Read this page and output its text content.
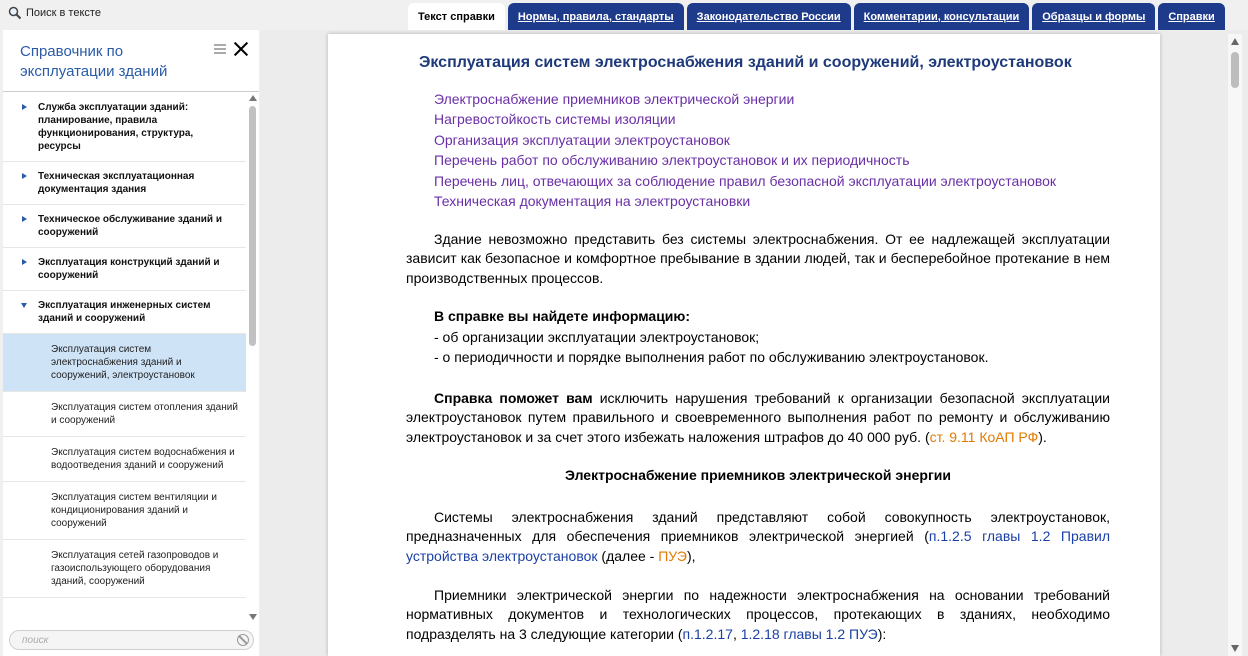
Поиск в тексте	Текст справки	Нормы, правила, стандарты	Законодательство России	Комментарии, консультации	Образцы и формы	Справки
Справочник по эксплуатации зданий
Служба эксплуатации зданий: планирование, правила функционирования, структура, ресурсы
Техническая эксплуатационная документация здания
Техническое обслуживание зданий и сооружений
Эксплуатация конструкций зданий и сооружений
Эксплуатация инженерных систем зданий и сооружений
Эксплуатация систем электроснабжения зданий и сооружений, электроустановок
Эксплуатация систем отопления зданий и сооружений
Эксплуатация систем водоснабжения и водоотведения зданий и сооружений
Эксплуатация систем вентиляции и кондиционирования зданий и сооружений
Эксплуатация сетей газопроводов и газоиспользующего оборудования зданий, сооружений
поиск
Эксплуатация систем электроснабжения зданий и сооружений, электроустановок
Электроснабжение приемников электрической энергии
Нагревостойкость системы изоляции
Организация эксплуатации электроустановок
Перечень работ по обслуживанию электроустановок и их периодичность
Перечень лиц, отвечающих за соблюдение правил безопасной эксплуатации электроустановок
Техническая документация на электроустановки

Здание невозможно представить без системы электроснабжения. От ее надлежащей эксплуатации зависит как безопасное и комфортное пребывание в здании людей, так и бесперебойное протекание в нем производственных процессов.

В справке вы найдете информацию:
- об организации эксплуатации электроустановок;
- о периодичности и порядке выполнения работ по обслуживанию электроустановок.

Справка поможет вам исключить нарушения требований к организации безопасной эксплуатации электроустановок путем правильного и своевременного выполнения работ по ремонту и обслуживанию электроустановок и за счет этого избежать наложения штрафов до 40 000 руб. (ст. 9.11 КоАП РФ).

Электроснабжение приемников электрической энергии

Системы электроснабжения зданий представляют собой совокупность электроустановок, предназначенных для обеспечения приемников электрической энергией (п.1.2.5 главы 1.2 Правил устройства электроустановок (далее - ПУЭ),

Приемники электрической энергии по надежности электроснабжения на основании требований нормативных документов и технологических процессов, протекающих в зданиях, необходимо подразделять на 3 следующие категории (п.1.2.17, 1.2.18 главы 1.2 ПУЭ):
